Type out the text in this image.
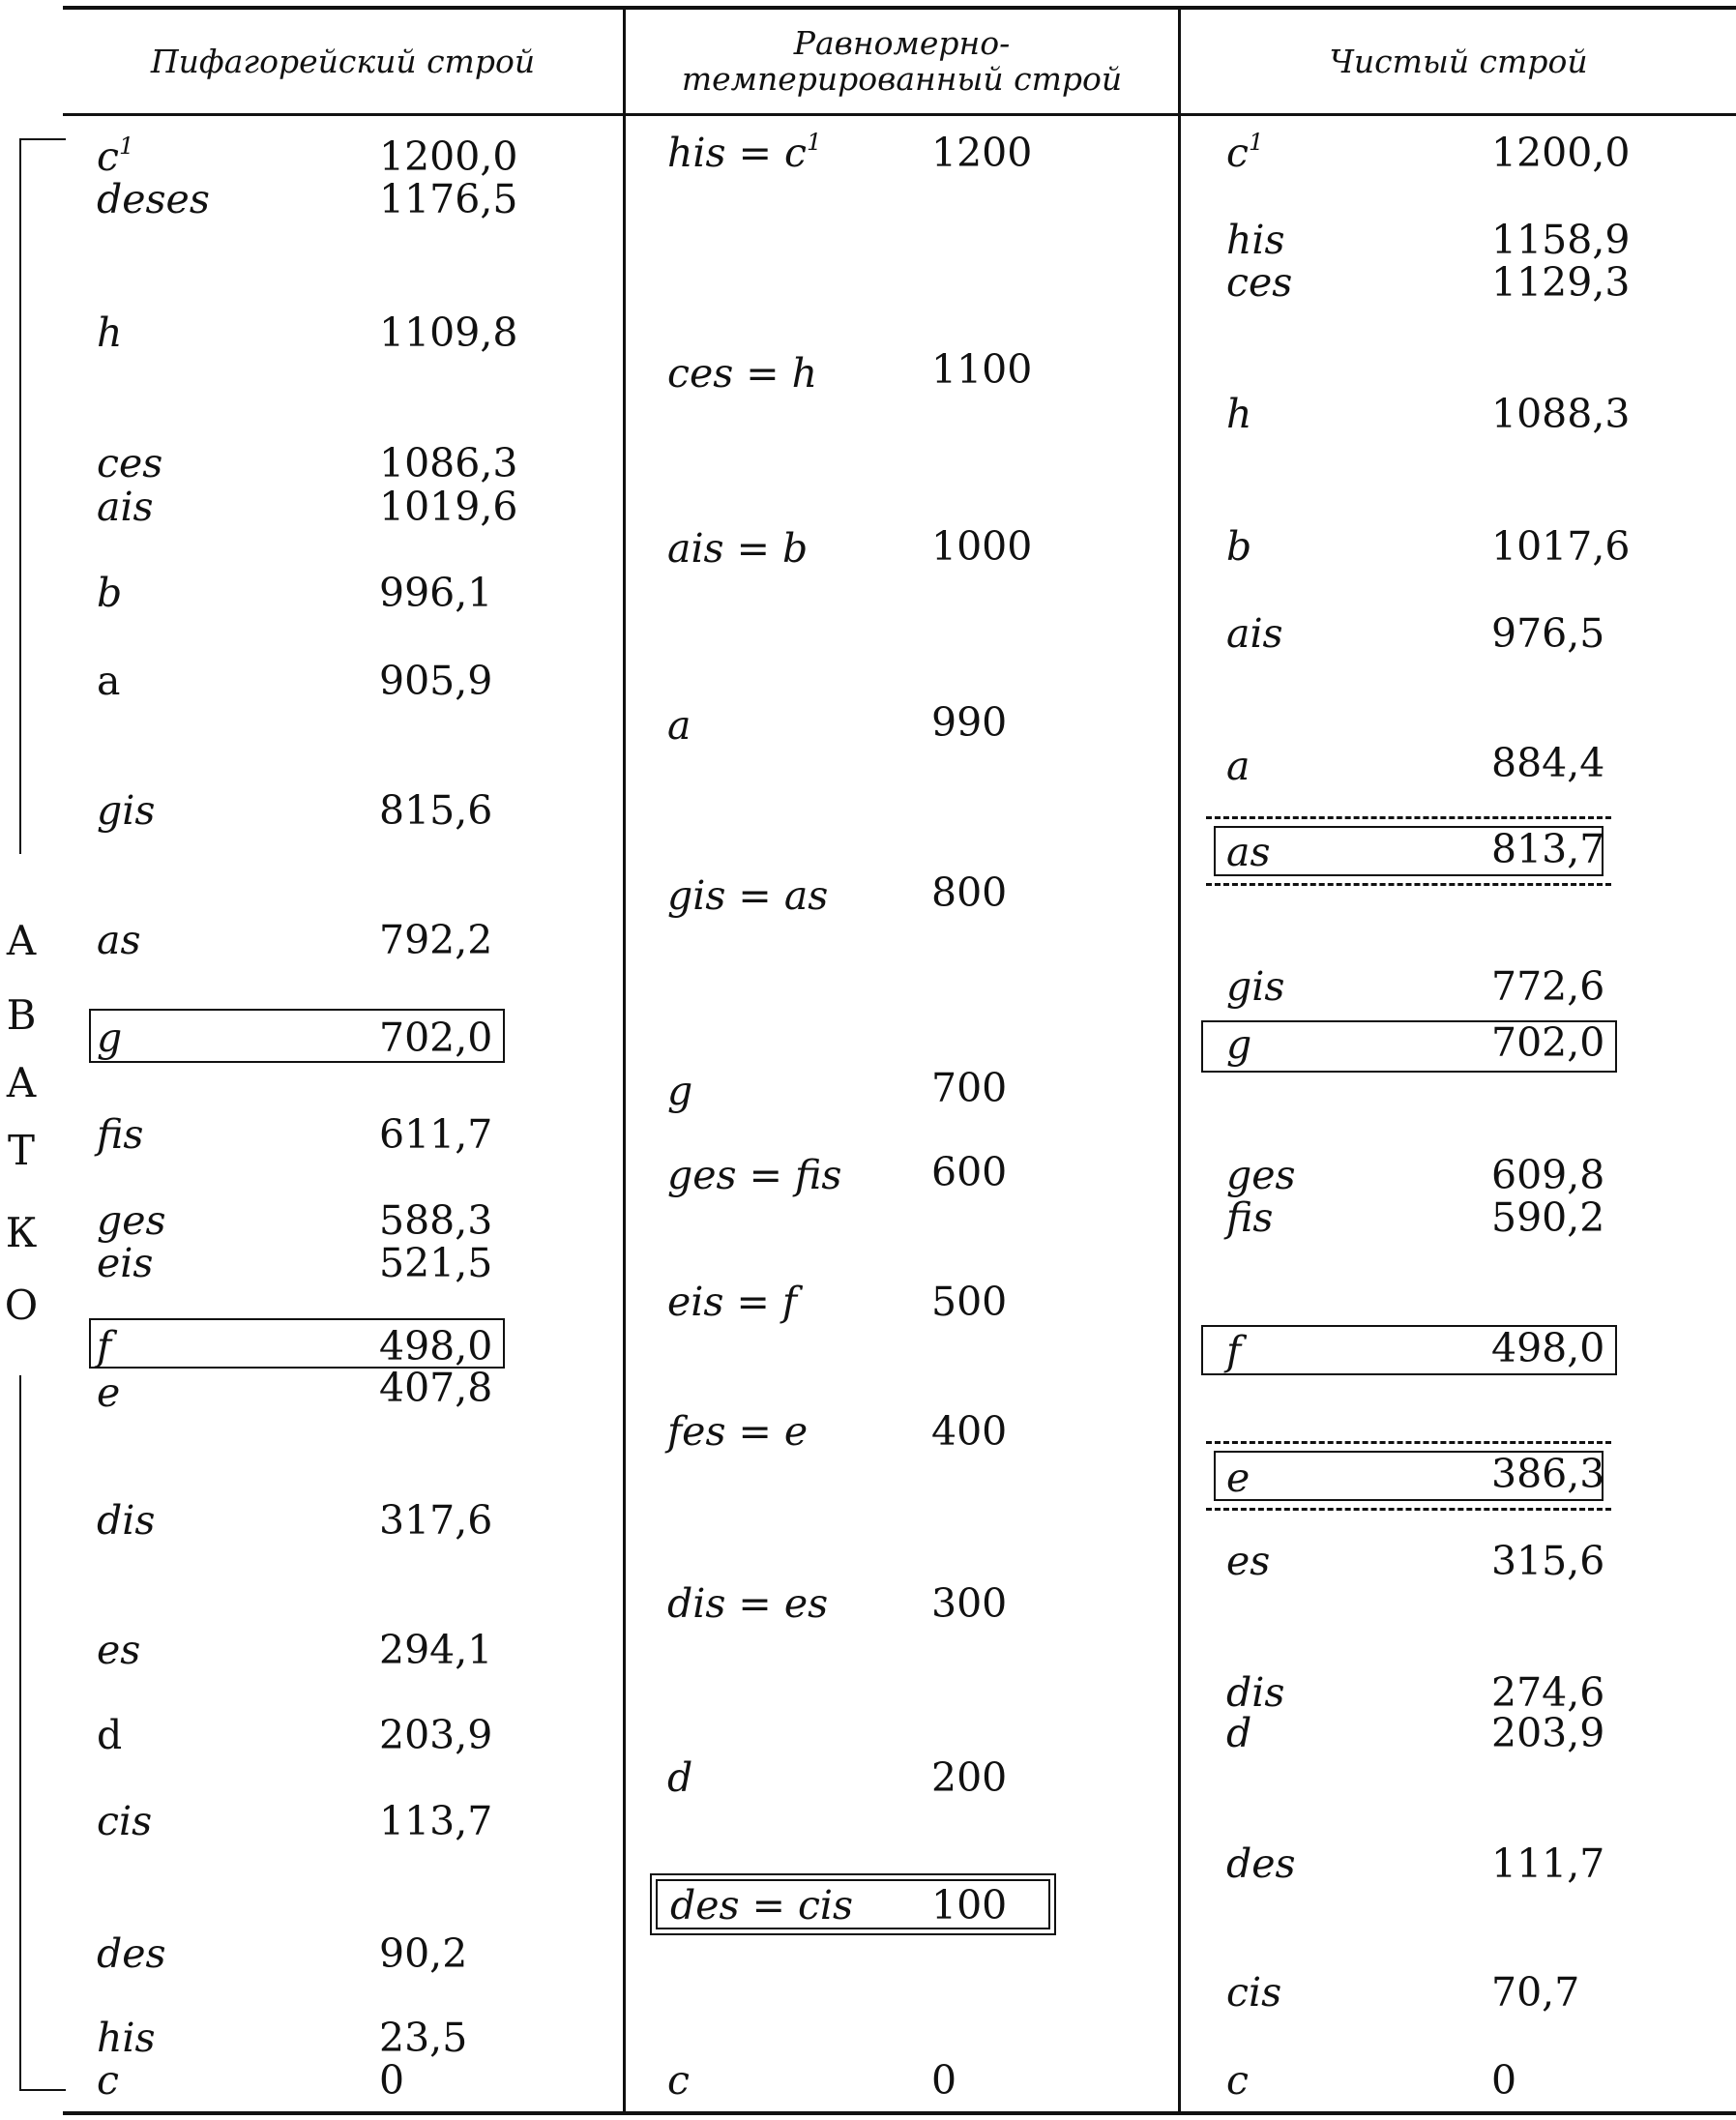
О
К
Т
А
В
А
Пифагорейский строй	Равномерно-темперированный строй	Чистый строй
$c^1$	1200,0
deses	1176,5
h	1109,8
ces	1086,3
ais	1019,6
b	996,1
a	905,9
gis	815,6
as	792,2
g	702,0
fis	611,7
ges	588,3
eis	521,5
f	498,0
e	407,8
dis	317,6
es	294,1
d	203,9
cis	113,7
des	90,2
his	23,5
c	0
his = $c^1$	1200
ces = h	1100
ais = b	1000
a	990
gis = as	800
g	700
ges = fis 600
eis = f	500
fes = e	400
dis = es	300
d	200
des = cis 100
c	0
$c^1$	1200,0
his	1158,9
ces	1129,3
h	1088,3
b	1017,6
ais	976,5
a	884,4
as	813,7
gis	772,6
g	702,0
ges	609,8
fis	590,2
f	498,0
e	386,3
es	315,6
dis	274,6
d	203,9
des	111,7
cis	70,7
c	0
